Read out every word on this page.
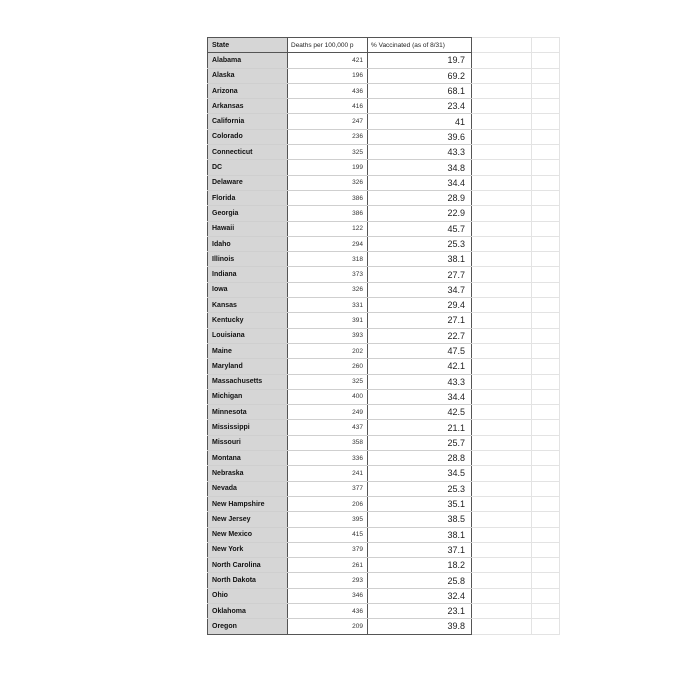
State	Deaths per 100,000 p	% Vaccinated (as of 8/31)		
Alabama	421	19.7		
Alaska	196	69.2		
Arizona	436	68.1		
Arkansas	416	23.4		
California	247	41		
Colorado	236	39.6		
Connecticut	325	43.3		
DC	199	34.8		
Delaware	326	34.4		
Florida	386	28.9		
Georgia	386	22.9		
Hawaii	122	45.7		
Idaho	294	25.3		
Illinois	318	38.1		
Indiana	373	27.7		
Iowa	326	34.7		
Kansas	331	29.4		
Kentucky	391	27.1		
Louisiana	393	22.7		
Maine	202	47.5		
Maryland	260	42.1		
Massachusetts	325	43.3		
Michigan	400	34.4		
Minnesota	249	42.5		
Mississippi	437	21.1		
Missouri	358	25.7		
Montana	336	28.8		
Nebraska	241	34.5		
Nevada	377	25.3		
New Hampshire	206	35.1		
New Jersey	395	38.5		
New Mexico	415	38.1		
New York	379	37.1		
North Carolina	261	18.2		
North Dakota	293	25.8		
Ohio	346	32.4		
Oklahoma	436	23.1		
Oregon	209	39.8		
